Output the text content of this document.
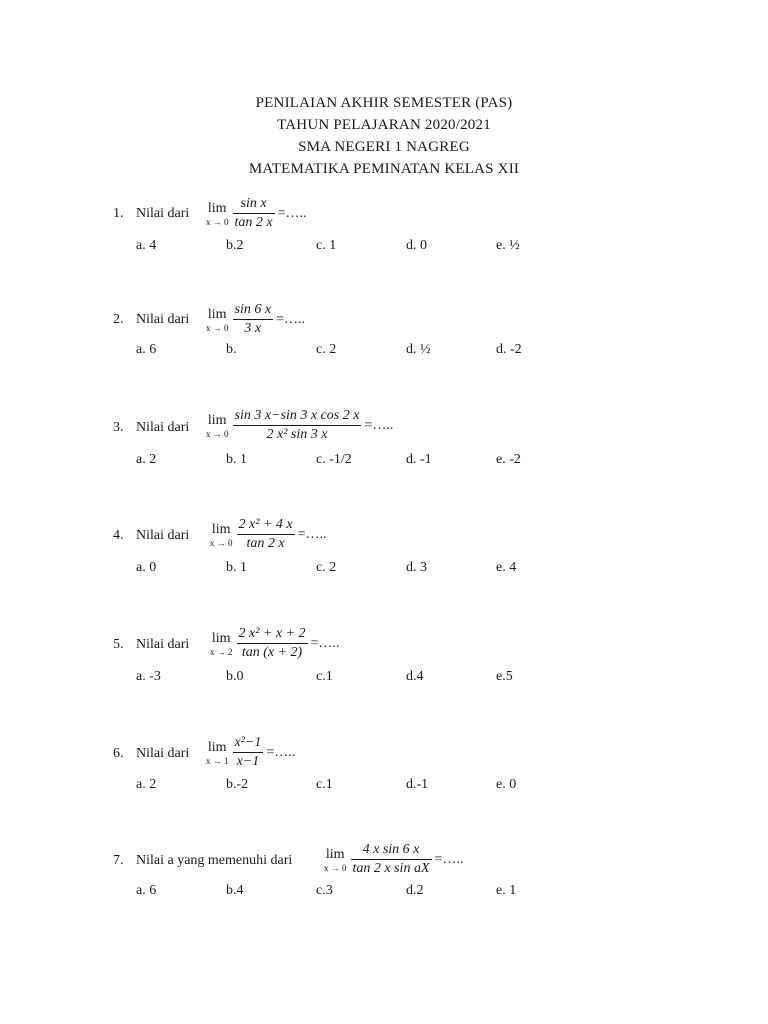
PENILAIAN AKHIR SEMESTER (PAS)
TAHUN PELAJARAN 2020/2021
SMA NEGERI 1 NAGREG
MATEMATIKA PEMINATAN KELAS XII
1. Nilai dari lim
$x \to 0 \frac{\text{sin x}}{\tan 2 x}$ =…..
a. 4	b.2	c. 1	d. 0	e. ½
2. Nilai dari lim
$x \to 0 \frac{\sin 6 x}{3 x}$ =…..
a. 6	b.	c. 2	d. ½	d. -2
3. Nilai dari lim
$x \to 0 \frac{\text{sin 3 x−sin 3 x cos 2 x}}{\text{2 x² sin 3 x}}$ =…..
a. 2	b. 1	c. -1/2	d. -1	e. -2
4. Nilai dari lim
$x \to 0 \frac{\text{2 x² + 4 x}}{\tan 2 x}$ =…..
a. 0	b. 1	c. 2	d. 3	e. 4
5. Nilai dari lim
$x \to 2 \frac{\text{2 x² + x + 2}}{\tan (x + 2)}$ =…..
a. -3	b.0	c.1	d.4	e.5
6. Nilai dari lim
$x \to 1 \frac{\text{x²−1}}{x-1}$ =…..
a. 2	b.-2	c.1	d.-1	e. 0
7. Nilai a yang memenuhi dari lim
$x \to 0 \frac{\text{4 x sin 6 x}}{\text{tan 2 x sin aX}}$ =…..
a. 6	b.4	c.3	d.2	e. 1
